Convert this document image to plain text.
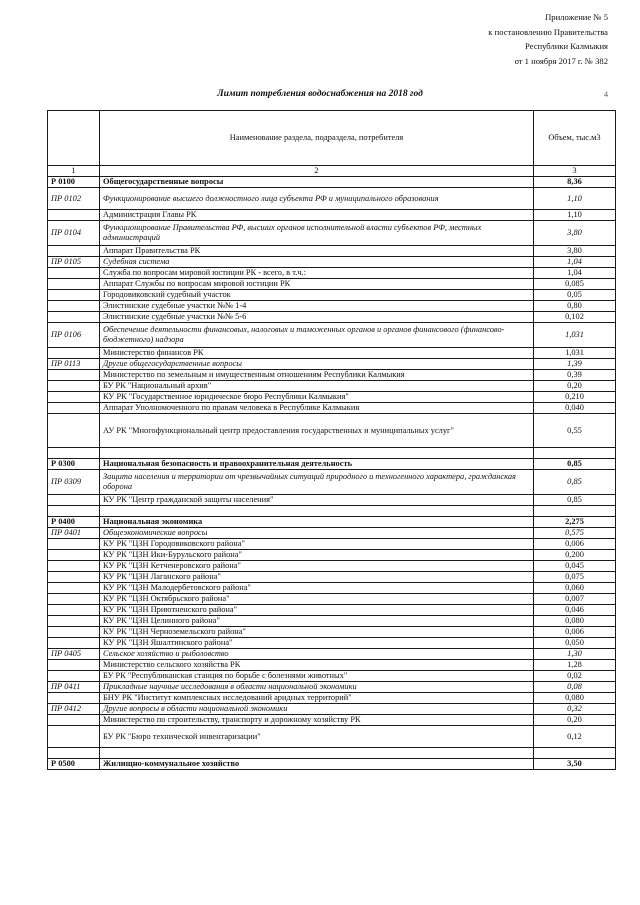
Приложение № 5
к постановлению Правительства
Республики Калмыкия
от 1 ноября 2017 г. № 382
Лимит потребления водоснабжения на 2018 год	4
	Наименование раздела, подраздела, потребителя	Объем, тыс.м3
1	2	3
Р 0100	Общегосударственные вопросы	8,36
ПР 0102	Функционирование высшего должностного лица субъекта РФ и муниципального образования	1,10
	Администрация Главы РК	1,10
ПР 0104	Функционирование Правительства РФ, высших органов исполнительной власти субъектов РФ, местных администраций	3,80
	Аппарат Правительства РК	3,80
ПР 0105	Судебная система	1,04
	Служба по вопросам мировой юстиции РК - всего, в т.ч.:	1,04
	Аппарат Службы по вопросам мировой юстиции РК	0,085
	Городовиковский судебный участок	0,05
	Элистинские судебные участки №№ 1-4	0,80
	Элистинские судебные участки №№ 5-6	0,102
ПР 0106	Обеспечение деятельности финансовых, налоговых и таможенных органов и органов финансового (финансово-бюджетного) надзора	1,031
	Министерство финансов РК	1,031
ПР 0113	Другие общегосударственные вопросы	1,39
	Министерство по земельным и имущественным отношениям Республики Калмыкия	0,39
	БУ РК "Национальный архив"	0,20
	КУ РК "Государственное юридическое бюро Республики Калмыкия"	0,210
	Аппарат Уполномоченного по правам человека в Республике Калмыкия	0,040
	АУ РК "Многофункциональный центр предоставления государственных и муниципальных услуг"	0,55

Р 0300	Национальная безопасность и правоохранительная деятельность	0,85
ПР 0309	Защита населения и территории от чрезвычайных ситуаций природного и техногенного характера, гражданская оборона	0,85
	КУ РК "Центр гражданской защиты населения"	0,85

Р 0400	Национальная экономика	2,275
ПР 0401	Общеэкономические вопросы	0,575
	КУ РК "ЦЗН Городовиковского района"	0,006
	КУ РК "ЦЗН Ики-Бурульского района"	0,200
	КУ РК "ЦЗН Кетченеровского района"	0,045
	КУ РК "ЦЗН Лаганского района"	0,075
	КУ РК "ЦЗН Малодербетовского района"	0,060
	КУ РК "ЦЗН Октябрьского района"	0,007
	КУ РК "ЦЗН Приютненского района"	0,046
	КУ РК "ЦЗН Целинного района"	0,080
	КУ РК "ЦЗН Черноземельского района"	0,006
	КУ РК "ЦЗН Яшалтинского района"	0,050
ПР 0405	Сельское хозяйство и рыболовство	1,30
	Министерство сельского хозяйства РК	1,28
	БУ РК "Республиканская станция по борьбе с болезнями животных"	0,02
ПР 0411	Прикладные научные исследования в области национальной экономики	0,08
	БНУ РК "Институт комплексных исследований аридных территорий"	0,080
ПР 0412	Другие вопросы в области национальной экономики	0,32
	Министерство по строительству, транспорту и дорожному хозяйству РК	0,20
	БУ РК "Бюро технической инвентаризации"	0,12

Р 0500	Жилищно-коммунальное хозяйство	3,50
